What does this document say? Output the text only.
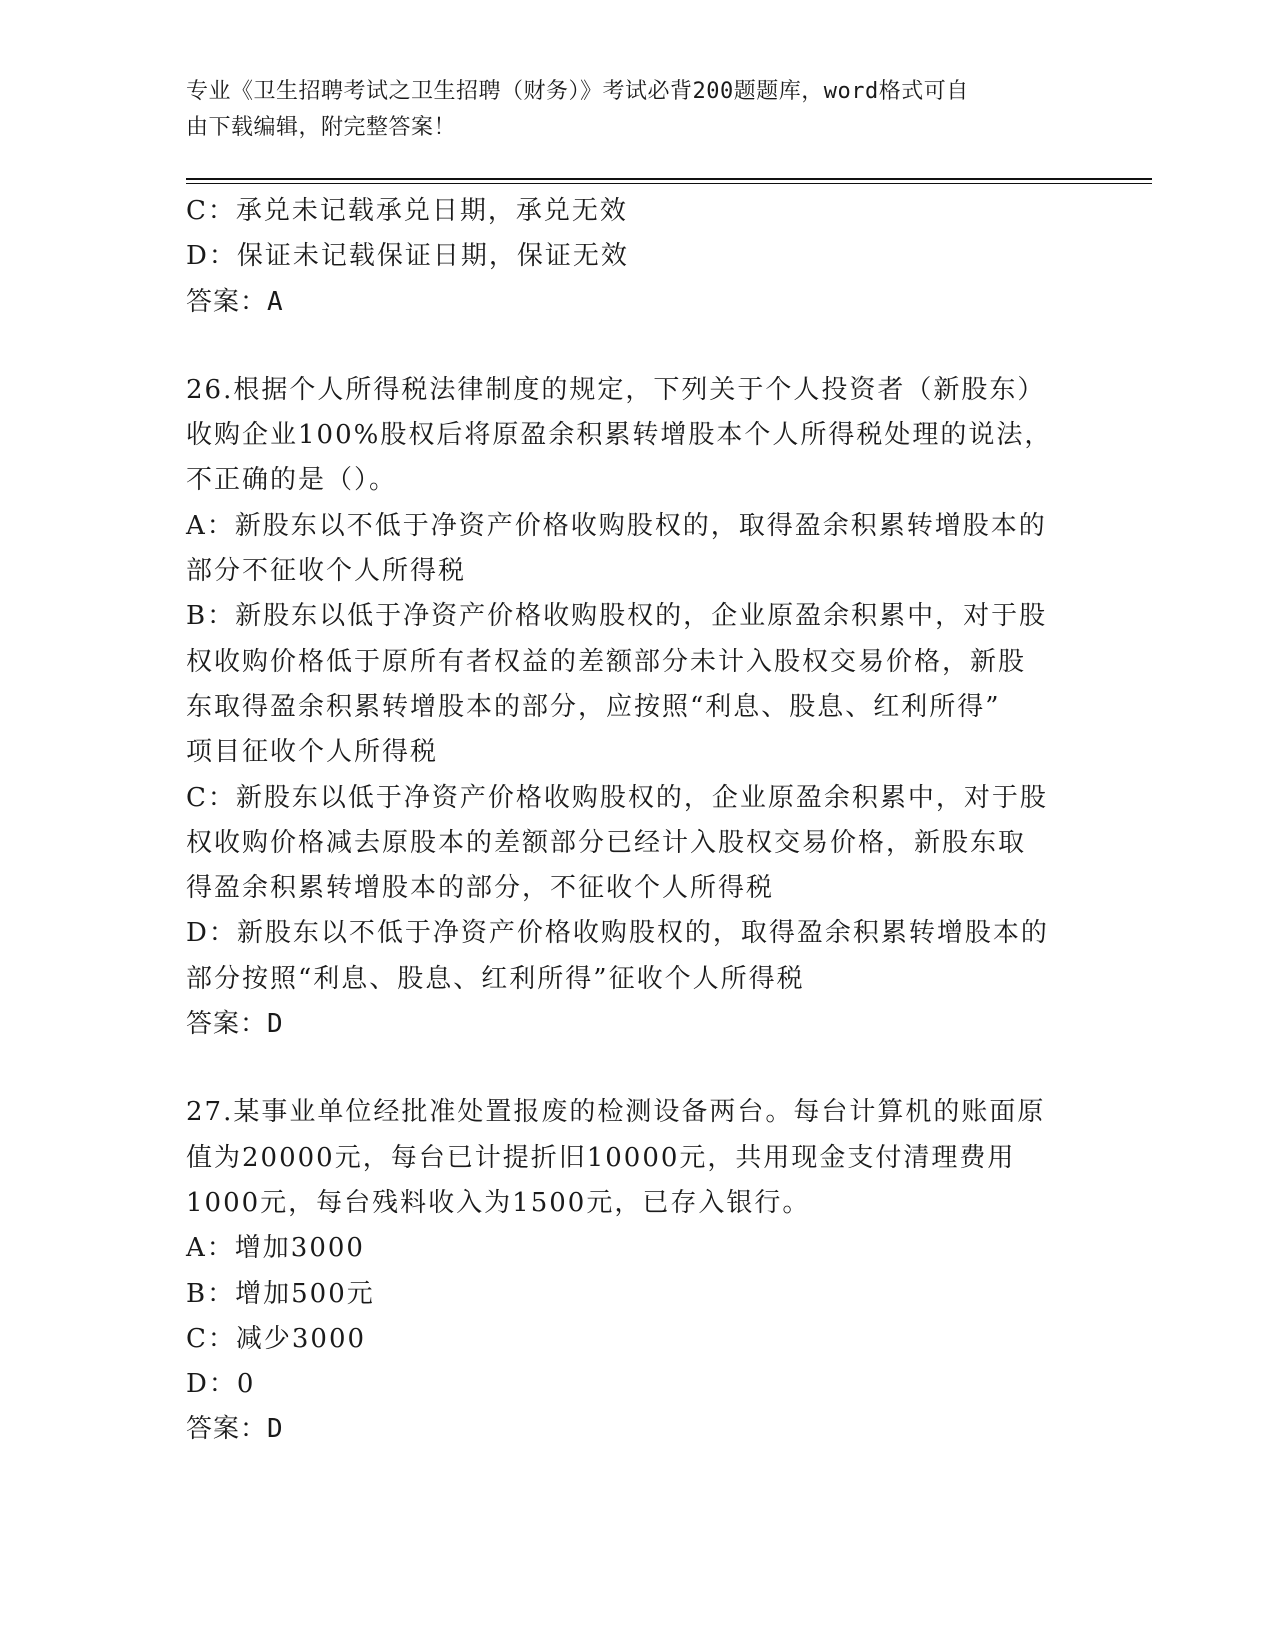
专业《卫生招聘考试之卫生招聘（财务）》考试必背200题题库，word格式可自
由下载编辑，附完整答案！
C：承兑未记载承兑日期，承兑无效
D：保证未记载保证日期，保证无效
答案：A
26.根据个人所得税法律制度的规定，下列关于个人投资者（新股东）
收购企业100%股权后将原盈余积累转增股本个人所得税处理的说法，
不正确的是（）。
A：新股东以不低于净资产价格收购股权的，取得盈余积累转增股本的
部分不征收个人所得税
B：新股东以低于净资产价格收购股权的，企业原盈余积累中，对于股
权收购价格低于原所有者权益的差额部分未计入股权交易价格，新股
东取得盈余积累转增股本的部分，应按照“利息、股息、红利所得”
项目征收个人所得税
C：新股东以低于净资产价格收购股权的，企业原盈余积累中，对于股
权收购价格减去原股本的差额部分已经计入股权交易价格，新股东取
得盈余积累转增股本的部分，不征收个人所得税
D：新股东以不低于净资产价格收购股权的，取得盈余积累转增股本的
部分按照“利息、股息、红利所得”征收个人所得税
答案：D
27.某事业单位经批准处置报废的检测设备两台。每台计算机的账面原
值为20000元，每台已计提折旧10000元，共用现金支付清理费用
1000元，每台残料收入为1500元，已存入银行。
A：增加3000
B：增加500元
C：减少3000
D：0
答案：D
